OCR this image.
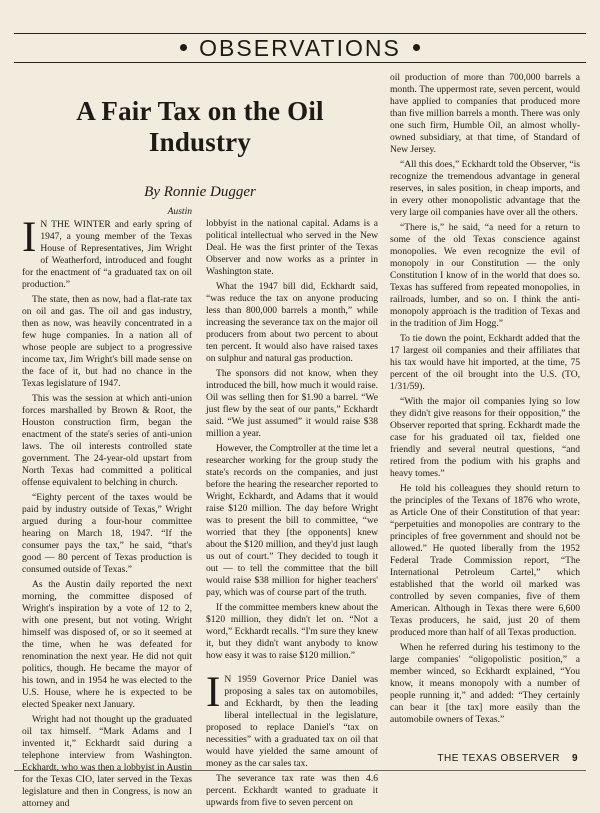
OBSERVATIONS
A Fair Tax on the Oil Industry
By Ronnie Dugger
Austin

I N THE WINTER and early spring of 1947, a young member of the Texas House of Representatives, Jim Wright of Weatherford, introduced and fought for the enactment of “a graduated tax on oil production.”

The state, then as now, had a flat-rate tax on oil and gas. The oil and gas industry, then as now, was heavily concentrated in a few huge companies. In a nation all of whose people are subject to a progressive income tax, Jim Wright's bill made sense on the face of it, but had no chance in the Texas legislature of 1947.

This was the session at which anti-union forces marshalled by Brown & Root, the Houston construction firm, began the enactment of the state's series of anti-union laws. The oil interests controlled state government. The 24-year-old upstart from North Texas had committed a political offense equivalent to belching in church.

“Eighty percent of the taxes would be paid by industry outside of Texas,” Wright argued during a four-hour committee hearing on March 18, 1947. “If the consumer pays the tax,” he said, “that's good — 80 percent of Texas production is consumed outside of Texas.”

As the Austin daily reported the next morning, the committee disposed of Wright's inspiration by a vote of 12 to 2, with one present, but not voting. Wright himself was disposed of, or so it seemed at the time, when he was defeated for renomination the next year. He did not quit politics, though. He became the mayor of his town, and in 1954 he was elected to the U.S. House, where he is expected to be elected Speaker next January.

Wright had not thought up the graduated oil tax himself. “Mark Adams and I invented it,” Eckhardt said during a telephone interview from Washington. Eckhardt, who was then a lobbyist in Austin for the Texas CIO, later served in the Texas legislature and then in Congress, is now an attorney and

lobbyist in the national capital. Adams is a political intellectual who served in the New Deal. He was the first printer of the Texas Observer and now works as a printer in Washington state.

What the 1947 bill did, Eckhardt said, “was reduce the tax on anyone producing less than 800,000 barrels a month,” while increasing the severance tax on the major oil producers from about two percent to about ten percent. It would also have raised taxes on sulphur and natural gas production.

The sponsors did not know, when they introduced the bill, how much it would raise. Oil was selling then for $1.90 a barrel. “We just flew by the seat of our pants,” Eckhardt said. “We just assumed” it would raise $38 million a year.

However, the Comptroller at the time let a researcher working for the group study the state's records on the companies, and just before the hearing the researcher reported to Wright, Eckhardt, and Adams that it would raise $120 million. The day before Wright was to present the bill to committee, “we worried that they [the opponents] knew about the $120 million, and they'd just laugh us out of court.” They decided to tough it out — to tell the committee that the bill would raise $38 million for higher teachers' pay, which was of course part of the truth.

If the committee members knew about the $120 million, they didn't let on. “Not a word,” Eckhardt recalls. “I'm sure they knew it, but they didn't want anybody to know how easy it was to raise $120 million.”

I N 1959 Governor Price Daniel was proposing a sales tax on automobiles, and Eckhardt, by then the leading liberal intellectual in the legislature, proposed to replace Daniel's “tax on necessities” with a graduated tax on oil that would have yielded the same amount of money as the car sales tax.

The severance tax rate was then 4.6 percent. Eckhardt wanted to graduate it upwards from five to seven percent on

oil production of more than 700,000 barrels a month. The uppermost rate, seven percent, would have applied to companies that produced more than five million barrels a month. There was only one such firm, Humble Oil, an almost wholly-owned subsidiary, at that time, of Standard of New Jersey.

“All this does,” Eckhardt told the Observer, “is recognize the tremendous advantage in general reserves, in sales position, in cheap imports, and in every other monopolistic advantage that the very large oil companies have over all the others.

“There is,” he said, “a need for a return to some of the old Texas conscience against monopolies. We even recognize the evil of monopoly in our Constitution — the only Constitution I know of in the world that does so. Texas has suffered from repeated monopolies, in railroads, lumber, and so on. I think the anti-monopoly approach is the tradition of Texas and in the tradition of Jim Hogg.”

To tie down the point, Eckhardt added that the 17 largest oil companies and their affiliates that his tax would have hit imported, at the time, 75 percent of the oil brought into the U.S. (TO, 1/31/59).

“With the major oil companies lying so low they didn't give reasons for their opposition,” the Observer reported that spring. Eckhardt made the case for his graduated oil tax, fielded one friendly and several neutral questions, “and retired from the podium with his graphs and heavy tomes.”

He told his colleagues they should return to the principles of the Texans of 1876 who wrote, as Article One of their Constitution of that year: “perpetuities and monopolies are contrary to the principles of free government and should not be allowed.” He quoted liberally from the 1952 Federal Trade Commission report, “The International Petroleum Cartel,” which established that the world oil marked was controlled by seven companies, five of them American. Although in Texas there were 6,600 Texas producers, he said, just 20 of them produced more than half of all Texas production.

When he referred during his testimony to the large companies' “oligopolistic position,” a member winced, so Eckhardt explained, “You know, it means monopoly with a number of people running it,” and added: “They certainly can bear it [the tax] more easily than the automobile owners of Texas.”

THE TEXAS OBSERVER 9
